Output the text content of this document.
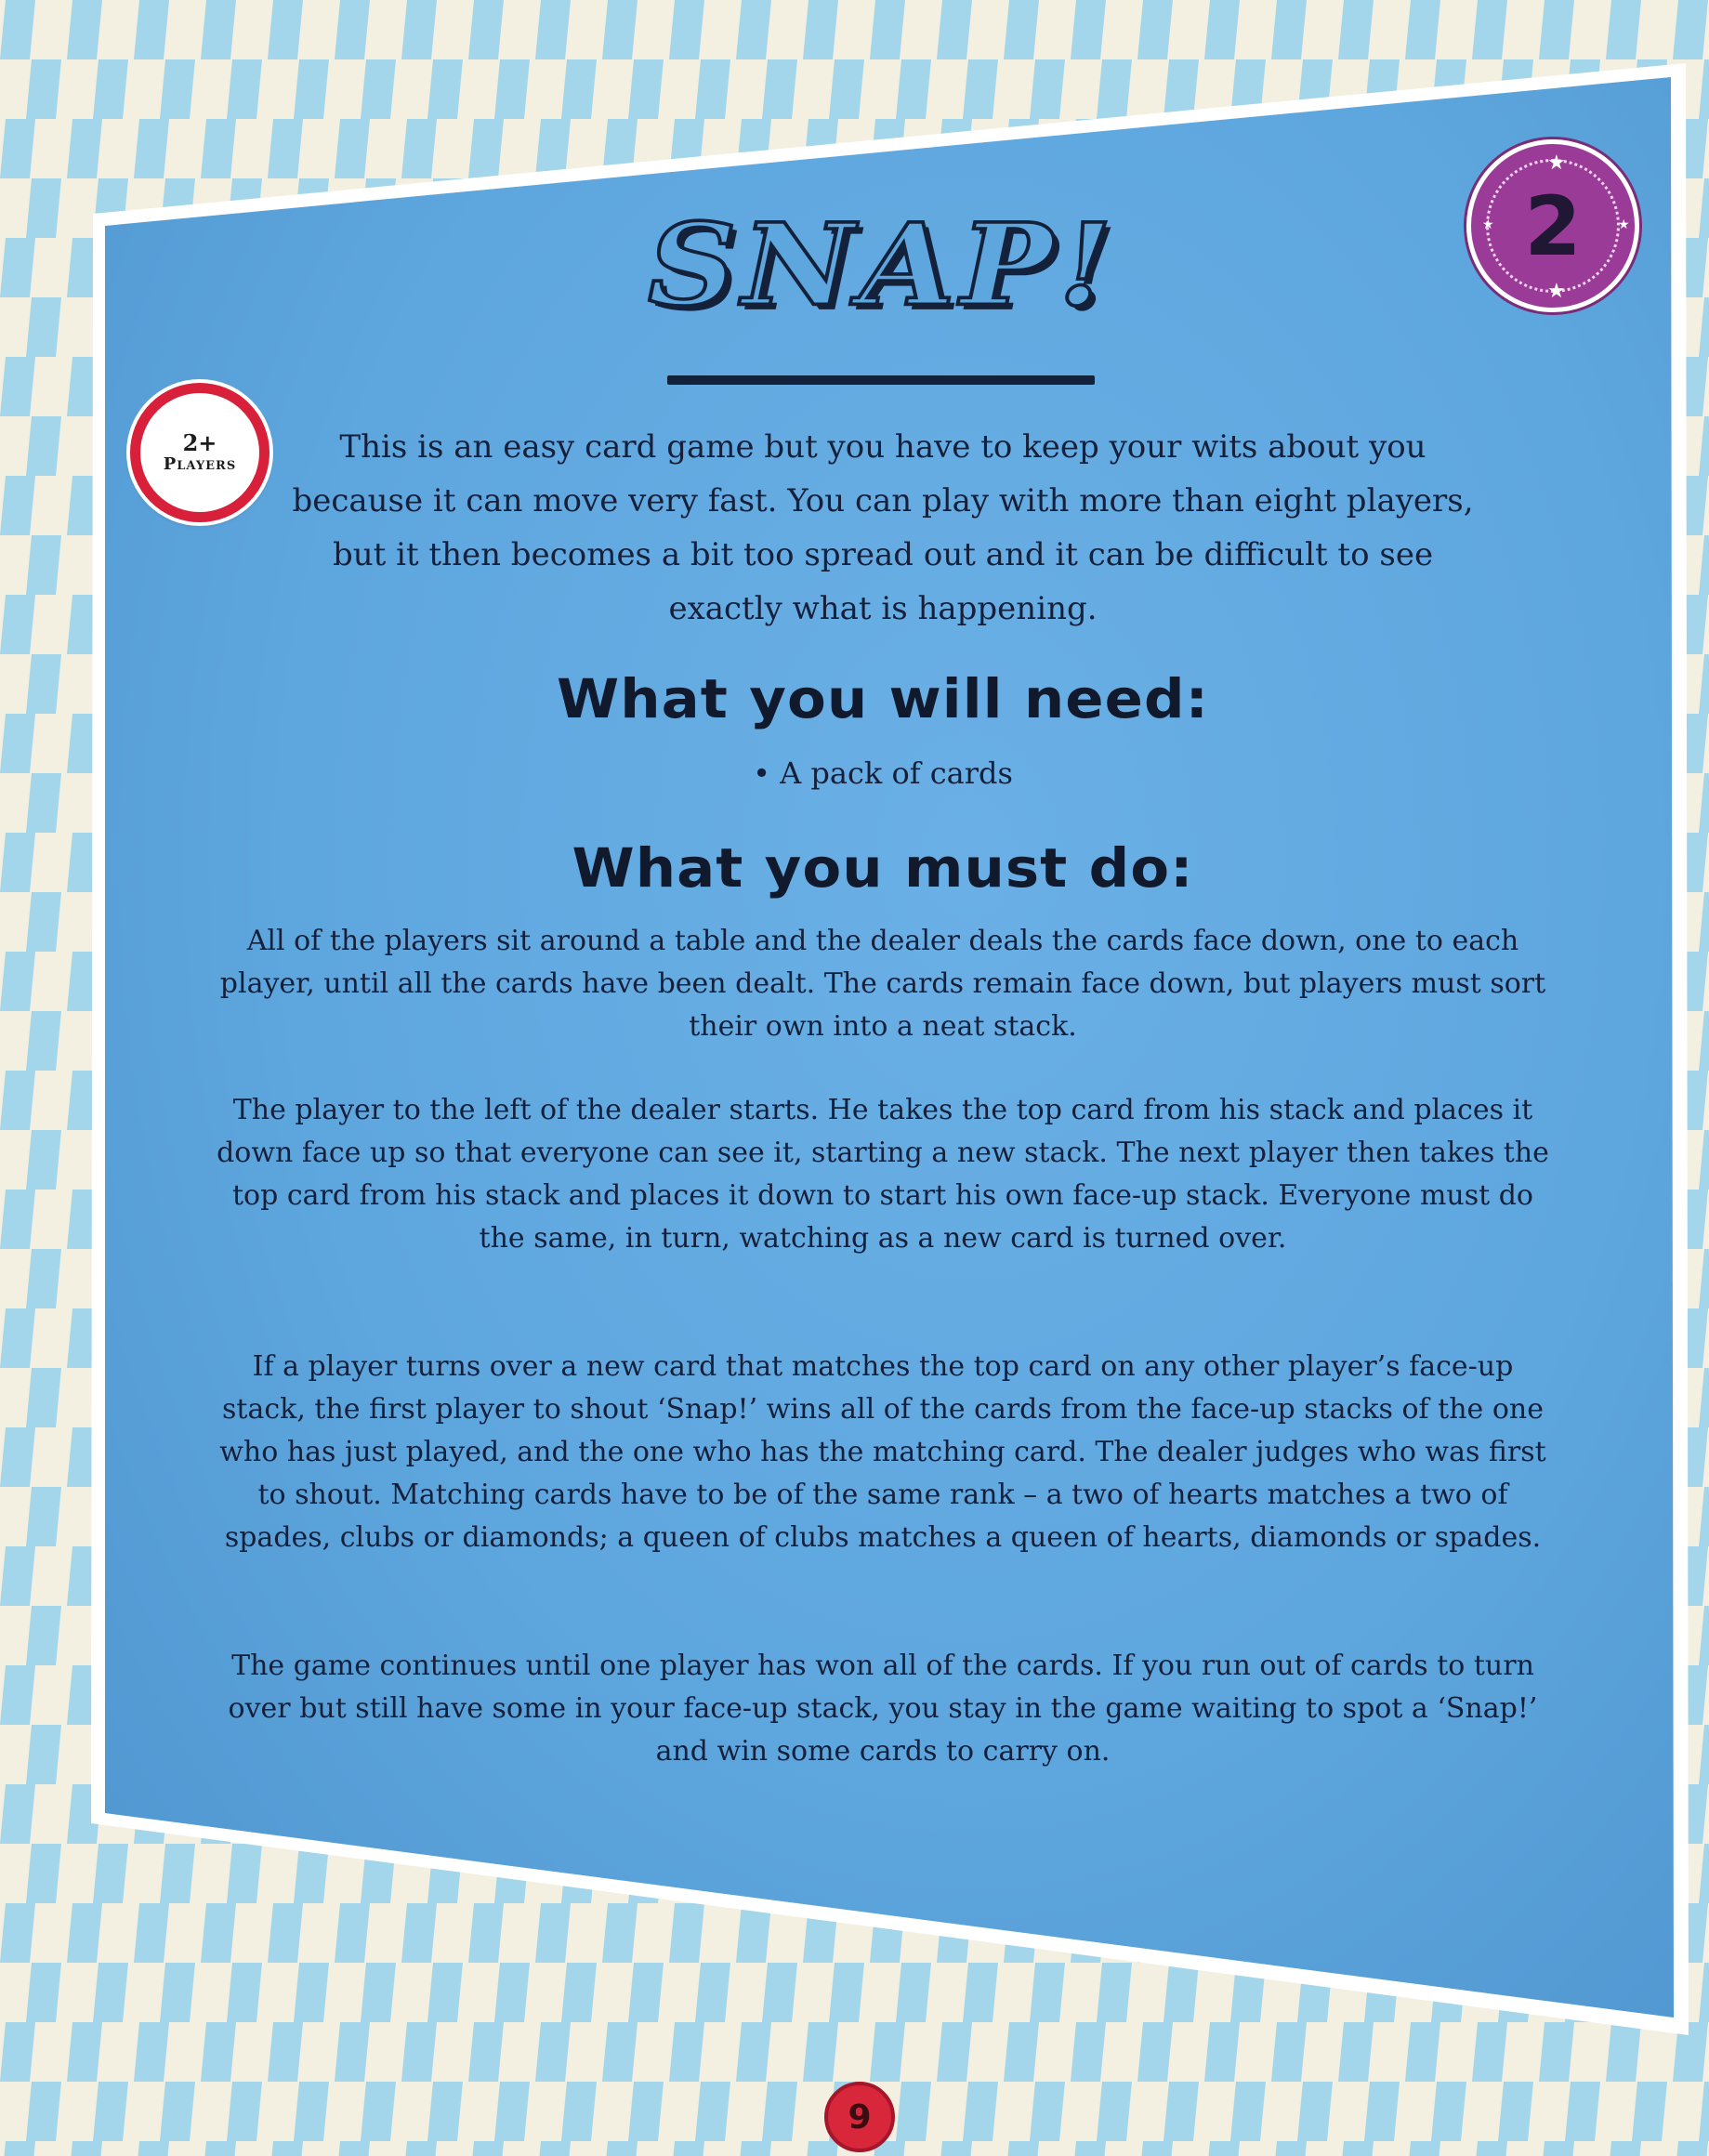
★
★
★	★
2
2+
Players
SNAP!

This is an easy card game but you have to keep your wits about you because it can move very fast. You can play with more than eight players, but it then becomes a bit too spread out and it can be difficult to see exactly what is happening.

What you will need:
• A pack of cards
What you must do:

All of the players sit around a table and the dealer deals the cards face down, one to each player, until all the cards have been dealt. The cards remain face down, but players must sort their own into a neat stack.

The player to the left of the dealer starts. He takes the top card from his stack and places it down face up so that everyone can see it, starting a new stack. The next player then takes the top card from his stack and places it down to start his own face-up stack. Everyone must do the same, in turn, watching as a new card is turned over.

If a player turns over a new card that matches the top card on any other player’s face-up stack, the first player to shout ‘Snap!’ wins all of the cards from the face-up stacks of the one who has just played, and the one who has the matching card. The dealer judges who was first to shout. Matching cards have to be of the same rank – a two of hearts matches a two of spades, clubs or diamonds; a queen of clubs matches a queen of hearts, diamonds or spades.

The game continues until one player has won all of the cards. If you run out of cards to turn over but still have some in your face-up stack, you stay in the game waiting to spot a ‘Snap!’ and win some cards to carry on.

9
